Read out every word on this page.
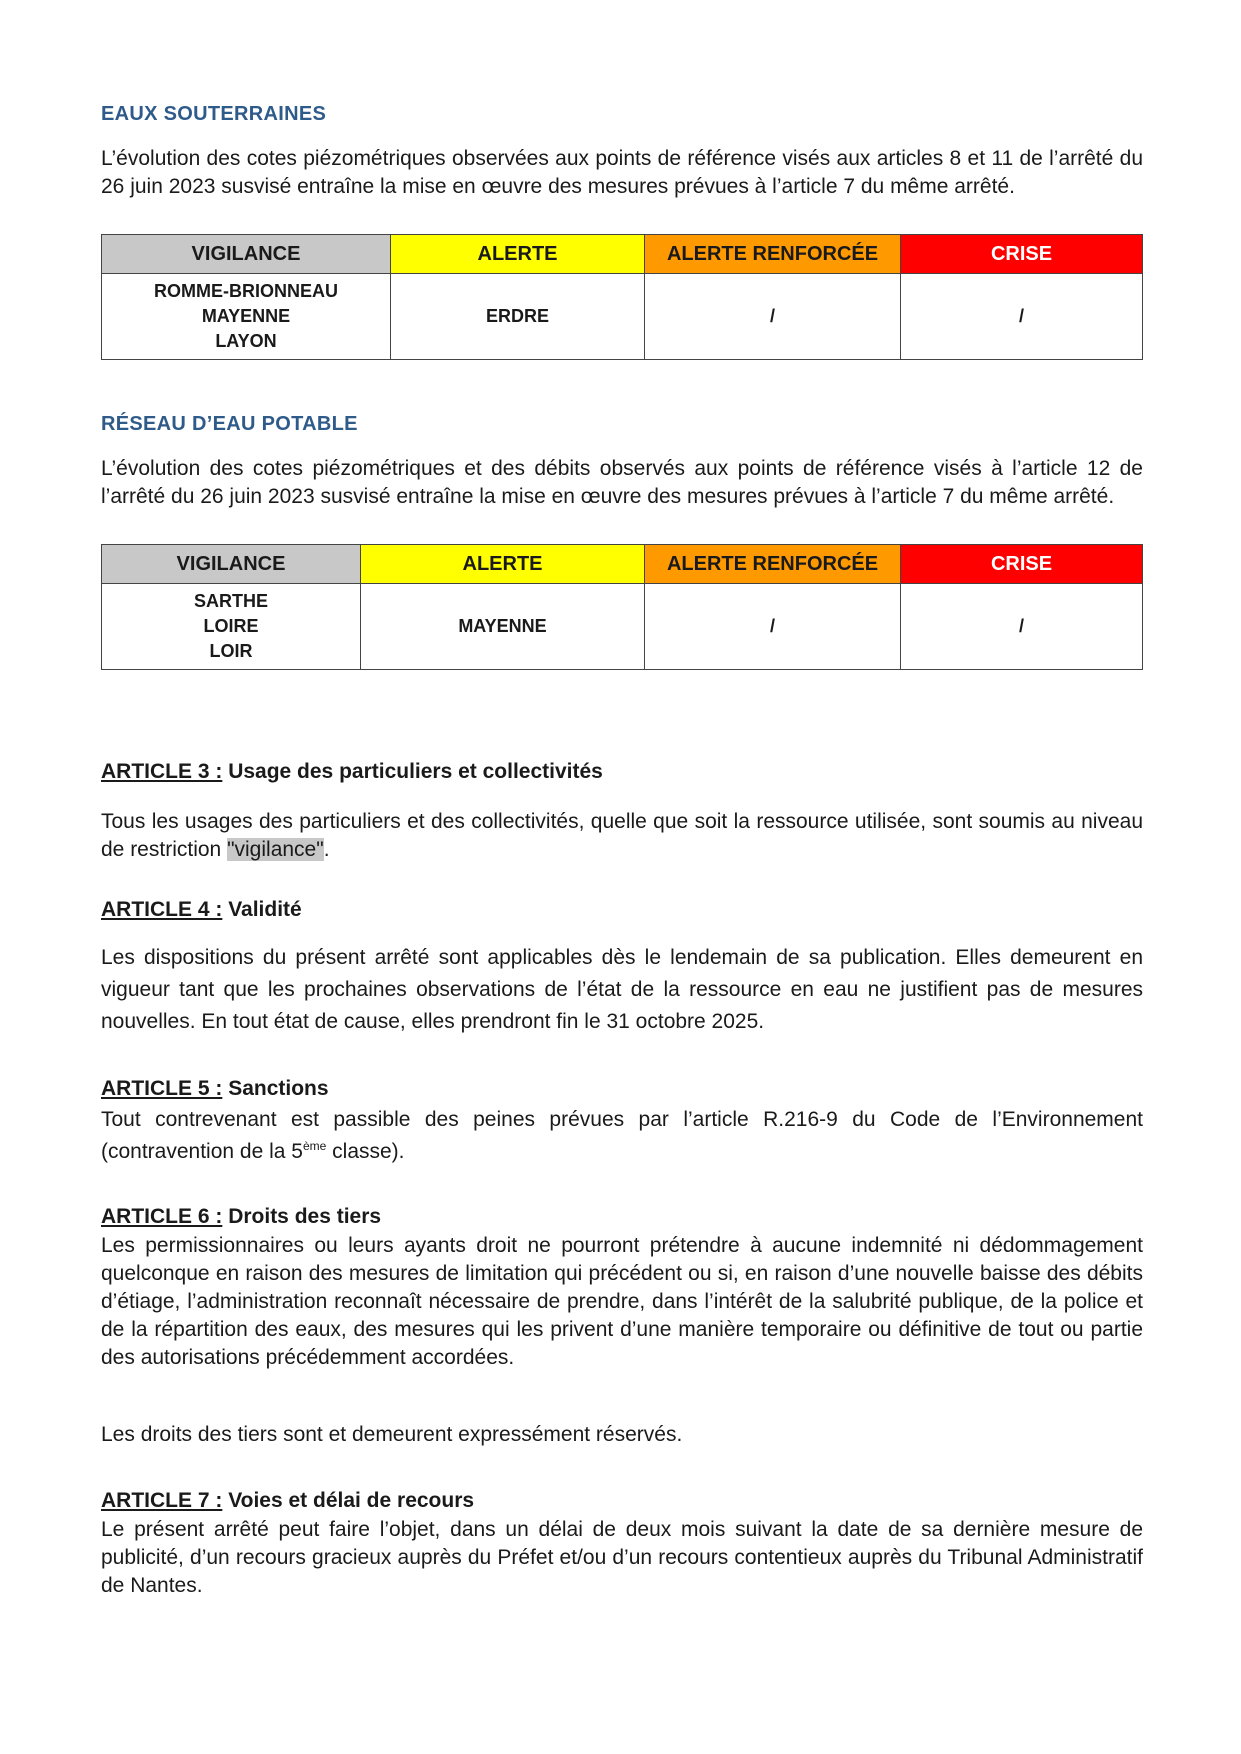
EAUX SOUTERRAINES
L’évolution des cotes piézométriques observées aux points de référence visés aux articles 8 et 11 de l’arrêté du 26 juin 2023 susvisé entraîne la mise en œuvre des mesures prévues à l’article 7 du même arrêté.
VIGILANCE	ALERTE	ALERTE RENFORCÉE	CRISE

ROMME-BRIONNEAU
MAYENNE
LAYON	ERDRE	/	/
RÉSEAU D’EAU POTABLE
L’évolution des cotes piézométriques et des débits observés aux points de référence visés à l’article 12 de l’arrêté du 26 juin 2023 susvisé entraîne la mise en œuvre des mesures prévues à l’article 7 du même arrêté.
VIGILANCE	ALERTE	ALERTE RENFORCÉE	CRISE

SARTHE
LOIRE
LOIR	MAYENNE	/	/
ARTICLE 3 : Usage des particuliers et collectivités
Tous les usages des particuliers et des collectivités, quelle que soit la ressource utilisée, sont soumis au niveau de restriction "vigilance".
ARTICLE 4 : Validité
Les dispositions du présent arrêté sont applicables dès le lendemain de sa publication. Elles demeurent en vigueur tant que les prochaines observations de l’état de la ressource en eau ne justifient pas de mesures nouvelles. En tout état de cause, elles prendront fin le 31 octobre 2025.
ARTICLE 5 : Sanctions
Tout contrevenant est passible des peines prévues par l’article R.216-9 du Code de l’Environnement (contravention de la 5ème classe).
ARTICLE 6 : Droits des tiers
Les permissionnaires ou leurs ayants droit ne pourront prétendre à aucune indemnité ni dédommagement quelconque en raison des mesures de limitation qui précédent ou si, en raison d’une nouvelle baisse des débits d’étiage, l’administration reconnaît nécessaire de prendre, dans l’intérêt de la salubrité publique, de la police et de la répartition des eaux, des mesures qui les privent d’une manière temporaire ou définitive de tout ou partie des autorisations précédemment accordées.
Les droits des tiers sont et demeurent expressément réservés.
ARTICLE 7 : Voies et délai de recours
Le présent arrêté peut faire l’objet, dans un délai de deux mois suivant la date de sa dernière mesure de publicité, d’un recours gracieux auprès du Préfet et/ou d’un recours contentieux auprès du Tribunal Administratif de Nantes.
